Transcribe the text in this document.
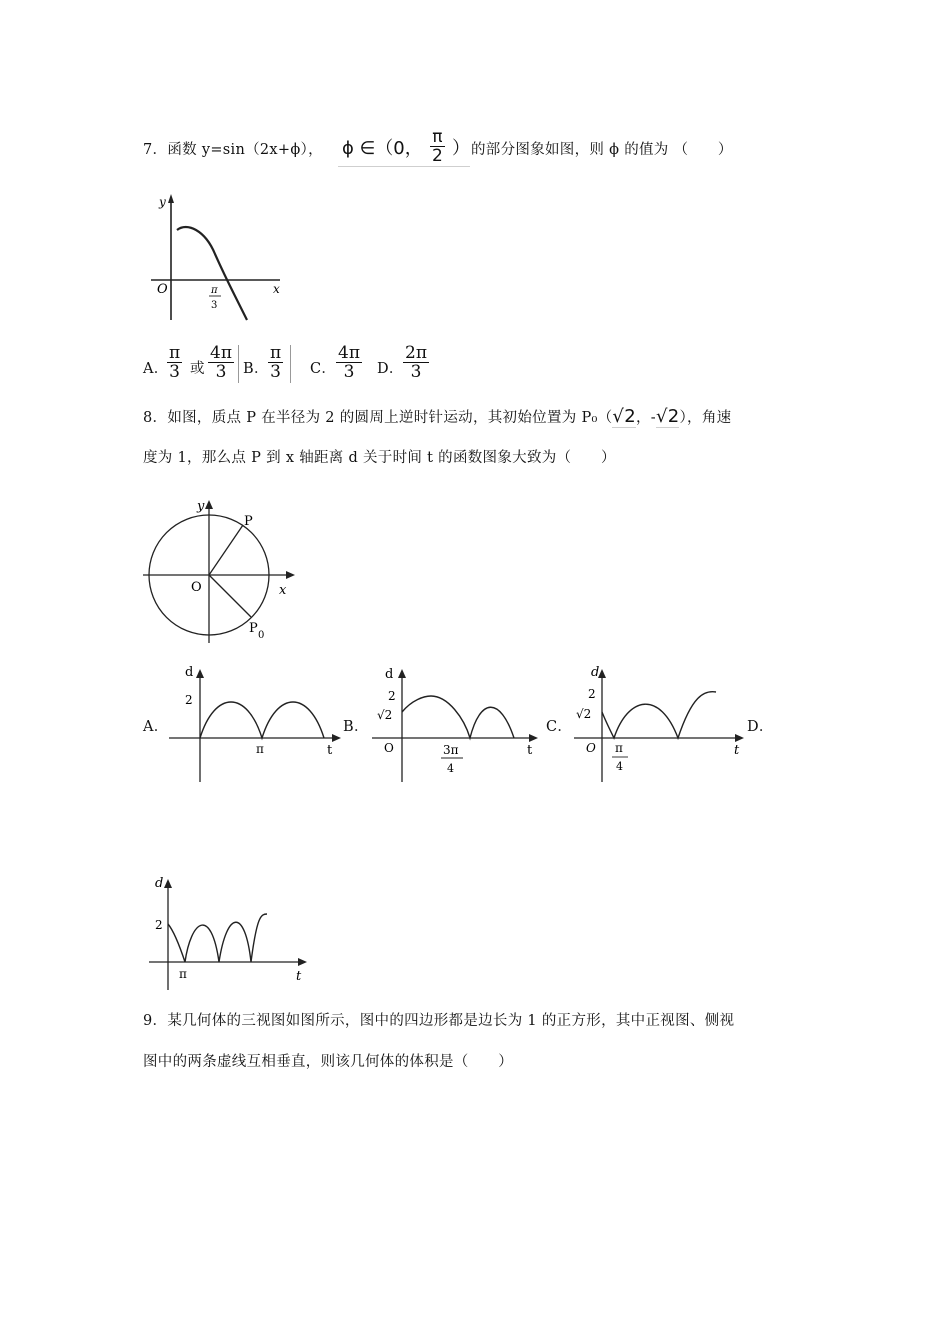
7．函数 y=sin（2x+ϕ）， ϕ ∈（0， $\frac{\pi}{2}$ ） 的部分图象如图，则 ϕ 的值为 （　　）
y
x
O	π
3
A．
$\frac{\pi}{3}$ 或 $\frac{4\pi}{3}$ B． $\frac{\pi}{3}$ C． $\frac{4\pi}{3}$ D． $\frac{2\pi}{3}$
8．如图，质点 P 在半径为 2 的圆周上逆时针运动，其初始位置为 P₀（√2，-√2），角速
度为 1，那么点 P 到 x 轴距离 d 关于时间 t 的函数图象大致为（　　）
y
x
O
P
P 0
A．	B．	C．	D．
d
t
2
π
d
t
2
√2
O	3π
4
d
t
2
√2
O π
4
d
t
2
π
9．某几何体的三视图如图所示，图中的四边形都是边长为 1 的正方形，其中正视图、侧视
图中的两条虚线互相垂直，则该几何体的体积是（　　）
